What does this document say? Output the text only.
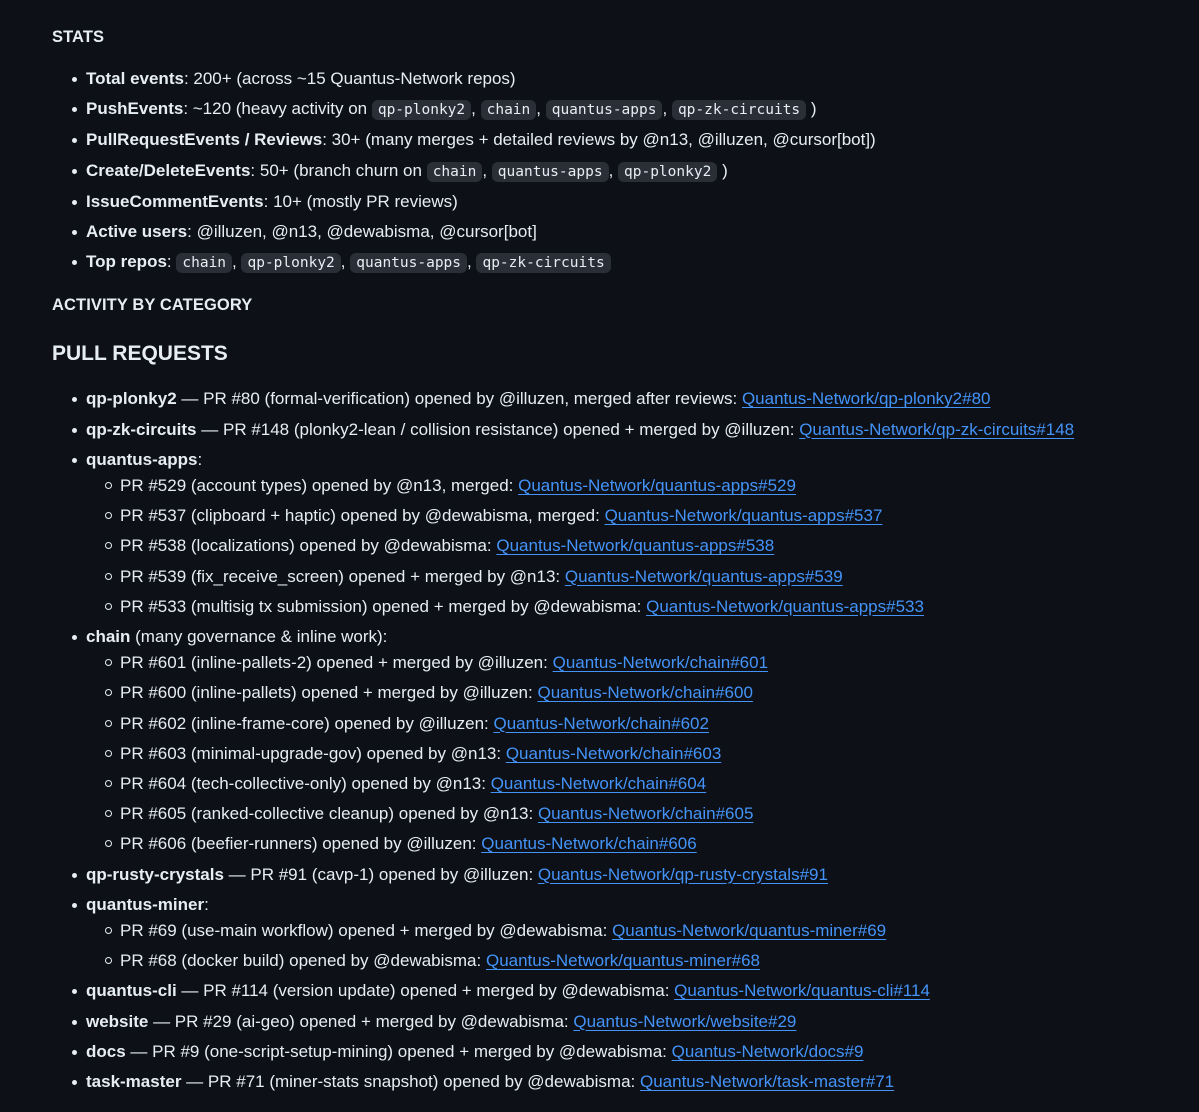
STATS
Total events: 200+ (across ~15 Quantus-Network repos)
PushEvents: ~120 (heavy activity on qp-plonky2 , chain , quantus-apps , qp-zk-circuits )
PullRequestEvents / Reviews: 30+ (many merges + detailed reviews by @n13, @illuzen, @cursor[bot])
Create/DeleteEvents: 50+ (branch churn on chain , quantus-apps , qp-plonky2 )
IssueCommentEvents: 10+ (mostly PR reviews)
Active users: @illuzen, @n13, @dewabisma, @cursor[bot]
Top repos: chain , qp-plonky2 , quantus-apps , qp-zk-circuits
ACTIVITY BY CATEGORY
PULL REQUESTS
qp-plonky2 — PR #80 (formal-verification) opened by @illuzen, merged after reviews: Quantus-Network/qp-plonky2#80
qp-zk-circuits — PR #148 (plonky2-lean / collision resistance) opened + merged by @illuzen: Quantus-Network/qp-zk-circuits#148
quantus-apps:
PR #529 (account types) opened by @n13, merged: Quantus-Network/quantus-apps#529
PR #537 (clipboard + haptic) opened by @dewabisma, merged: Quantus-Network/quantus-apps#537
PR #538 (localizations) opened by @dewabisma: Quantus-Network/quantus-apps#538
PR #539 (fix_receive_screen) opened + merged by @n13: Quantus-Network/quantus-apps#539
PR #533 (multisig tx submission) opened + merged by @dewabisma: Quantus-Network/quantus-apps#533
chain (many governance & inline work):
PR #601 (inline-pallets-2) opened + merged by @illuzen: Quantus-Network/chain#601
PR #600 (inline-pallets) opened + merged by @illuzen: Quantus-Network/chain#600
PR #602 (inline-frame-core) opened by @illuzen: Quantus-Network/chain#602
PR #603 (minimal-upgrade-gov) opened by @n13: Quantus-Network/chain#603
PR #604 (tech-collective-only) opened by @n13: Quantus-Network/chain#604
PR #605 (ranked-collective cleanup) opened by @n13: Quantus-Network/chain#605
PR #606 (beefier-runners) opened by @illuzen: Quantus-Network/chain#606
qp-rusty-crystals — PR #91 (cavp-1) opened by @illuzen: Quantus-Network/qp-rusty-crystals#91
quantus-miner:
PR #69 (use-main workflow) opened + merged by @dewabisma: Quantus-Network/quantus-miner#69
PR #68 (docker build) opened by @dewabisma: Quantus-Network/quantus-miner#68
quantus-cli — PR #114 (version update) opened + merged by @dewabisma: Quantus-Network/quantus-cli#114
website — PR #29 (ai-geo) opened + merged by @dewabisma: Quantus-Network/website#29
docs — PR #9 (one-script-setup-mining) opened + merged by @dewabisma: Quantus-Network/docs#9
task-master — PR #71 (miner-stats snapshot) opened by @dewabisma: Quantus-Network/task-master#71
